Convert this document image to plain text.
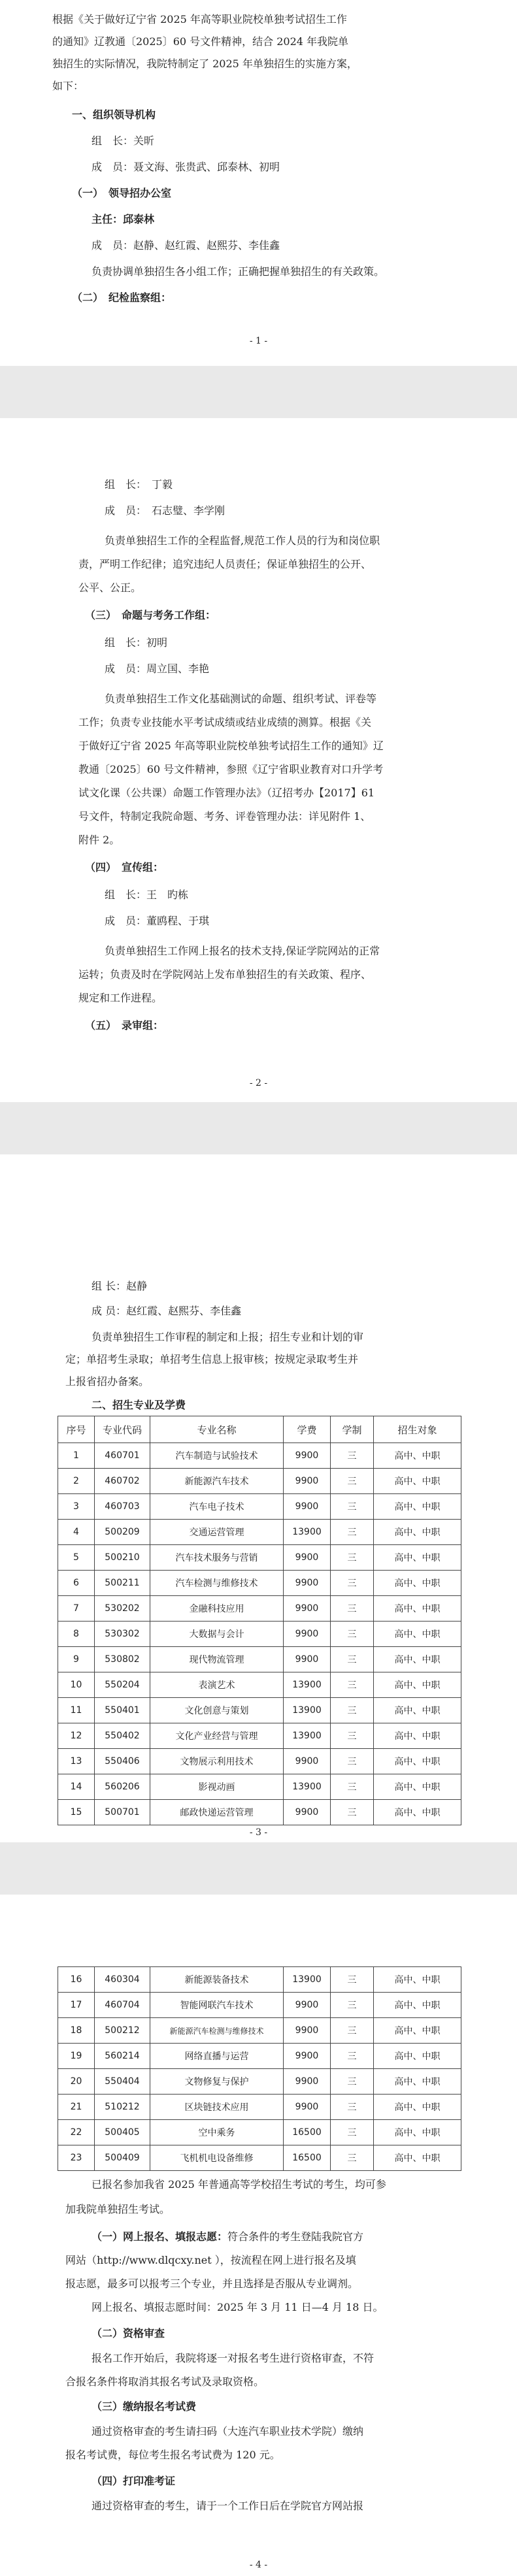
根据《关于做好辽宁省 2025 年高等职业院校单独考试招生工作
的通知》辽教通〔2025〕60 号文件精神，结合 2024 年我院单
独招生的实际情况，我院特制定了 2025 年单独招生的实施方案，
如下：
一、组织领导机构
组　长：关昕
成　员：聂文海、张贵武、邱泰林、初明
（一）　领导招办公室
主任：邱泰林
成　员：赵静、赵红霞、赵熙芬、李佳鑫
负责协调单独招生各小组工作；正确把握单独招生的有关政策。
（二）　纪检监察组：
- 1 -
组　长：　丁毅
成　员：　石志璧、李学刚
负责单独招生工作的全程监督,规范工作人员的行为和岗位职
责，严明工作纪律；追究违纪人员责任；保证单独招生的公开、
公平、公正。
（三）　命题与考务工作组：
组　长：初明
成　员：周立国、李艳
负责单独招生工作文化基础测试的命题、组织考试、评卷等
工作；负责专业技能水平考试成绩或结业成绩的测算。根据《关
于做好辽宁省 2025 年高等职业院校单独考试招生工作的通知》辽
教通〔2025〕60 号文件精神，参照《辽宁省职业教育对口升学考
试文化课（公共课）命题工作管理办法》（辽招考办【2017】61
号文件，特制定我院命题、考务、评卷管理办法：详见附件 1、
附件 2。
（四）　宣传组：
组　长：王　旳栋
成　员：董鸥程、于琪
负责单独招生工作网上报名的技术支持,保证学院网站的正常
运转；负责及时在学院网站上发布单独招生的有关政策、程序、
规定和工作进程。
（五）　录审组：
- 2 -
组 长：赵静
成 员：赵红霞、赵熙芬、李佳鑫
负责单独招生工作审程的制定和上报；招生专业和计划的审
定；单招考生录取；单招考生信息上报审核；按规定录取考生并
上报省招办备案。
二、招生专业及学费
序号	专业代码	专业名称	学费	学制	招生对象
1	460701	汽车制造与试验技术	9900	三	高中、中职
2	460702	新能源汽车技术	9900	三	高中、中职
3	460703	汽车电子技术	9900	三	高中、中职
4	500209	交通运营管理	13900	三	高中、中职
5	500210	汽车技术服务与营销	9900	三	高中、中职
6	500211	汽车检测与维修技术	9900	三	高中、中职
7	530202	金融科技应用	9900	三	高中、中职
8	530302	大数据与会计	9900	三	高中、中职
9	530802	现代物流管理	9900	三	高中、中职
10	550204	表演艺术	13900	三	高中、中职
11	550401	文化创意与策划	13900	三	高中、中职
12	550402	文化产业经营与管理	13900	三	高中、中职
13	550406	文物展示利用技术	9900	三	高中、中职
14	560206	影视动画	13900	三	高中、中职
15	500701	邮政快递运营管理	9900	三	高中、中职
- 3 -
16	460304	新能源装备技术	13900	三	高中、中职
17	460704	智能网联汽车技术	9900	三	高中、中职
18	500212	新能源汽车检测与维修技术	9900	三	高中、中职
19	560214	网络直播与运营	9900	三	高中、中职
20	550404	文物修复与保护	9900	三	高中、中职
21	510212	区块链技术应用	9900	三	高中、中职
22	500405	空中乘务	16500	三	高中、中职
23	500409	飞机机电设备维修	16500	三	高中、中职
已报名参加我省 2025 年普通高等学校招生考试的考生，均可参
加我院单独招生考试。
（一）网上报名、填报志愿：符合条件的考生登陆我院官方
网站（http://www.dlqcxy.net ），按流程在网上进行报名及填
报志愿，最多可以报考三个专业，并且选择是否服从专业调剂。
网上报名、填报志愿时间：2025 年 3 月 11 日—4 月 18 日。
（二）资格审查
报名工作开始后，我院将逐一对报名考生进行资格审查，不符
合报名条件将取消其报名考试及录取资格。
（三）缴纳报名考试费
通过资格审查的考生请扫码（大连汽车职业技术学院）缴纳
报名考试费，每位考生报名考试费为 120 元。
（四）打印准考证
通过资格审查的考生，请于一个工作日后在学院官方网站报
- 4 -
